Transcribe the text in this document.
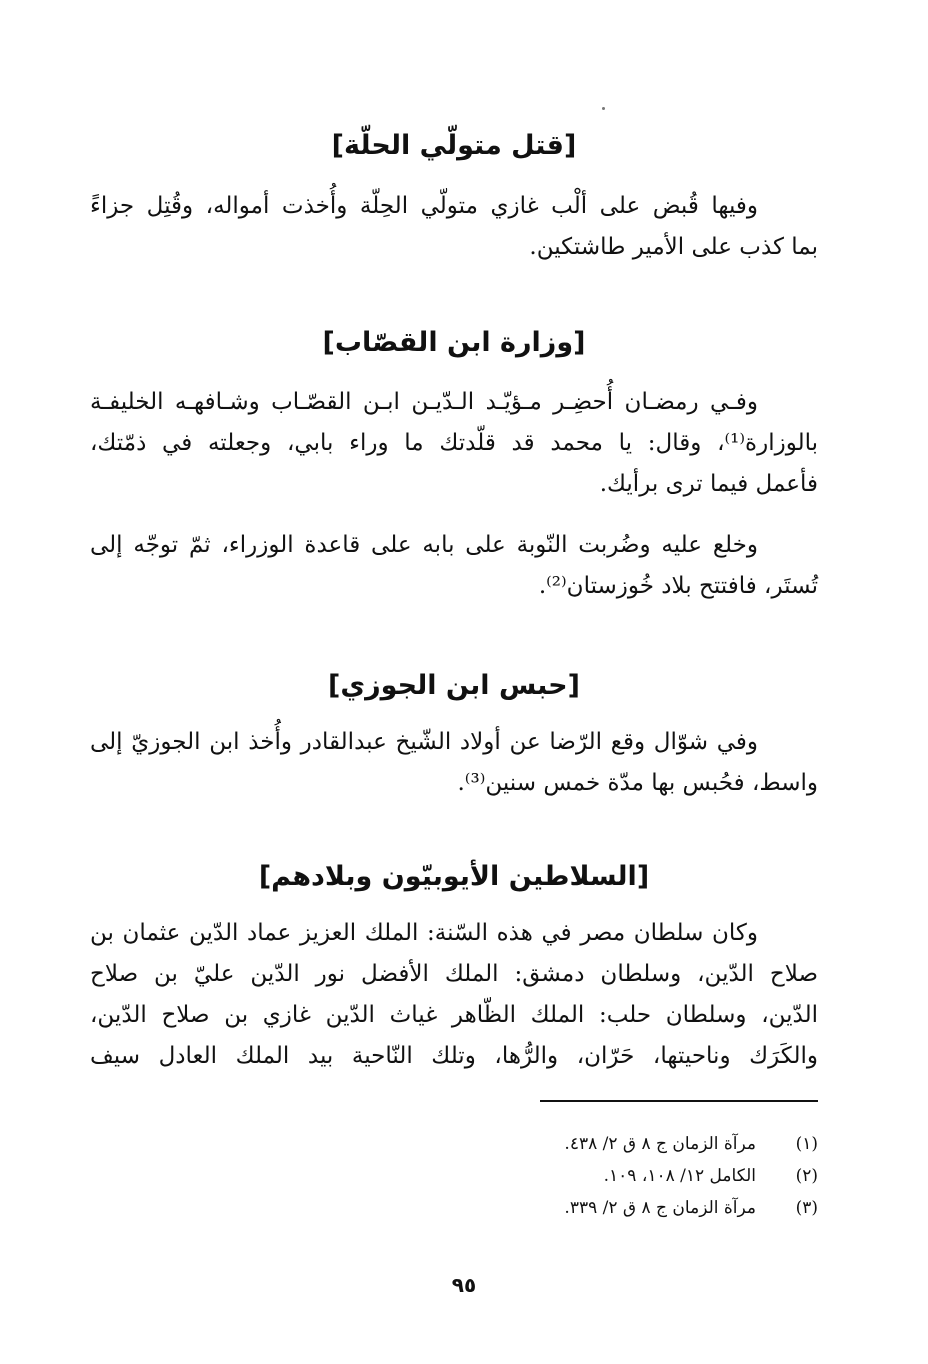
[قتل متولّي الحلّة]
وفيها قُبض على ألْب غازي متولّي الحِلّة وأُخذت أمواله، وقُتِل جزاءً
بما كذب على الأمير طاشتكين.
[وزارة ابن القصّاب]
وفـي رمضـان أُحضِـر مـؤيّـد الـدّيـن ابـن القصّـاب وشـافهـه الخليفـة
بالوزارة⁽¹⁾، وقال: يا محمد قد قلّدتك ما وراء بابي، وجعلته في ذمّتك،
فأعمل فيما ترى برأيك.
وخلع عليه وضُربت النّوبة على بابه على قاعدة الوزراء، ثمّ توجّه إلى
تُستَر، فافتتح بلاد خُوزستان⁽²⁾.
[حبس ابن الجوزي]
وفي شوّال وقع الرّضا عن أولاد الشّيخ عبدالقادر وأُخذ ابن الجوزيّ إلى
واسط، فحُبس بها مدّة خمس سنين⁽³⁾.
[السلاطين الأيوبيّون وبلادهم]
وكان سلطان مصر في هذه السّنة: الملك العزيز عماد الدّين عثمان بن
صلاح الدّين، وسلطان دمشق: الملك الأفضل نور الدّين عليّ بن صلاح
الدّين، وسلطان حلب: الملك الظّاهر غياث الدّين غازي بن صلاح الدّين،
والكَرَك وناحيتها، حَرّان، والرُّها، وتلك النّاحية بيد الملك العادل سيف
(١)
مرآة الزمان ج ٨ ق ٢/ ٤٣٨.
(٢)
الكامل ١٢/ ١٠٨، ١٠٩.
(٣)
مرآة الزمان ج ٨ ق ٢/ ٣٣٩.
٩٥
